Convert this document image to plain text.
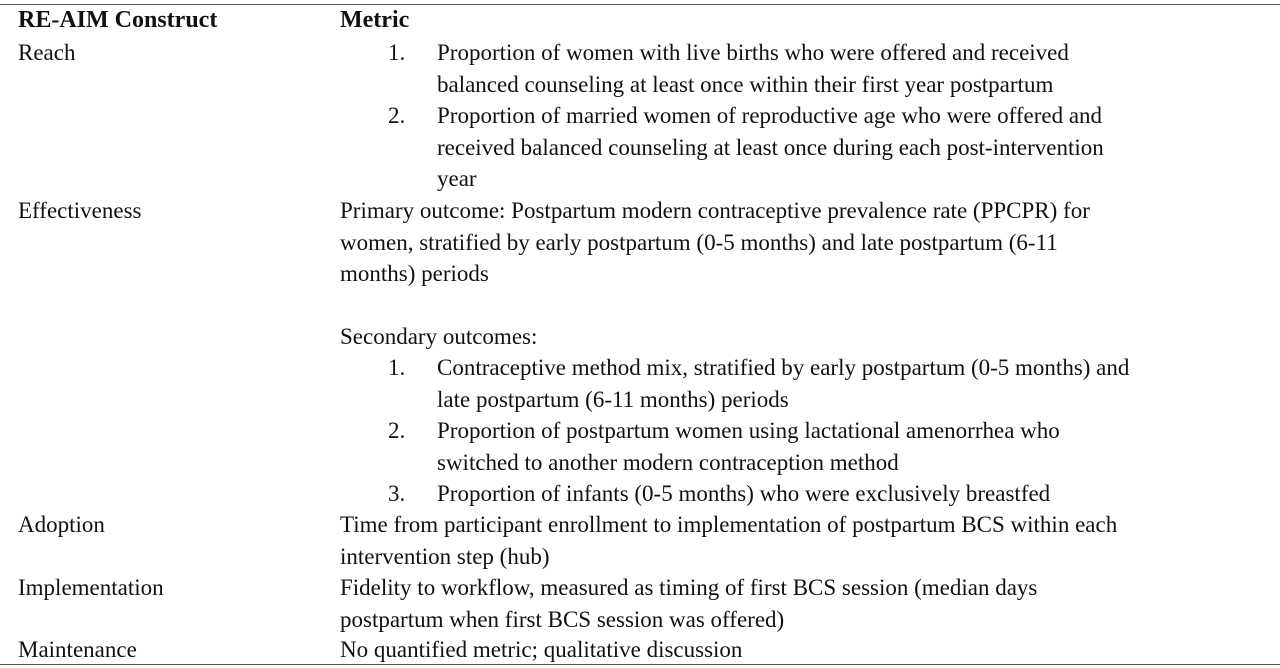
RE-AIM Construct	Metric
Reach	1. Proportion of women with live births who were offered and received
balanced counseling at least once within their first year postpartum
2. Proportion of married women of reproductive age who were offered and
received balanced counseling at least once during each post-intervention
year
Effectiveness	Primary outcome: Postpartum modern contraceptive prevalence rate (PPCPR) for
women, stratified by early postpartum (0-5 months) and late postpartum (6-11
months) periods
Secondary outcomes:
1. Contraceptive method mix, stratified by early postpartum (0-5 months) and
late postpartum (6-11 months) periods
2. Proportion of postpartum women using lactational amenorrhea who
switched to another modern contraception method
3. Proportion of infants (0-5 months) who were exclusively breastfed
Adoption	Time from participant enrollment to implementation of postpartum BCS within each
intervention step (hub)
Implementation	Fidelity to workflow, measured as timing of first BCS session (median days
postpartum when first BCS session was offered)
Maintenance	No quantified metric; qualitative discussion
